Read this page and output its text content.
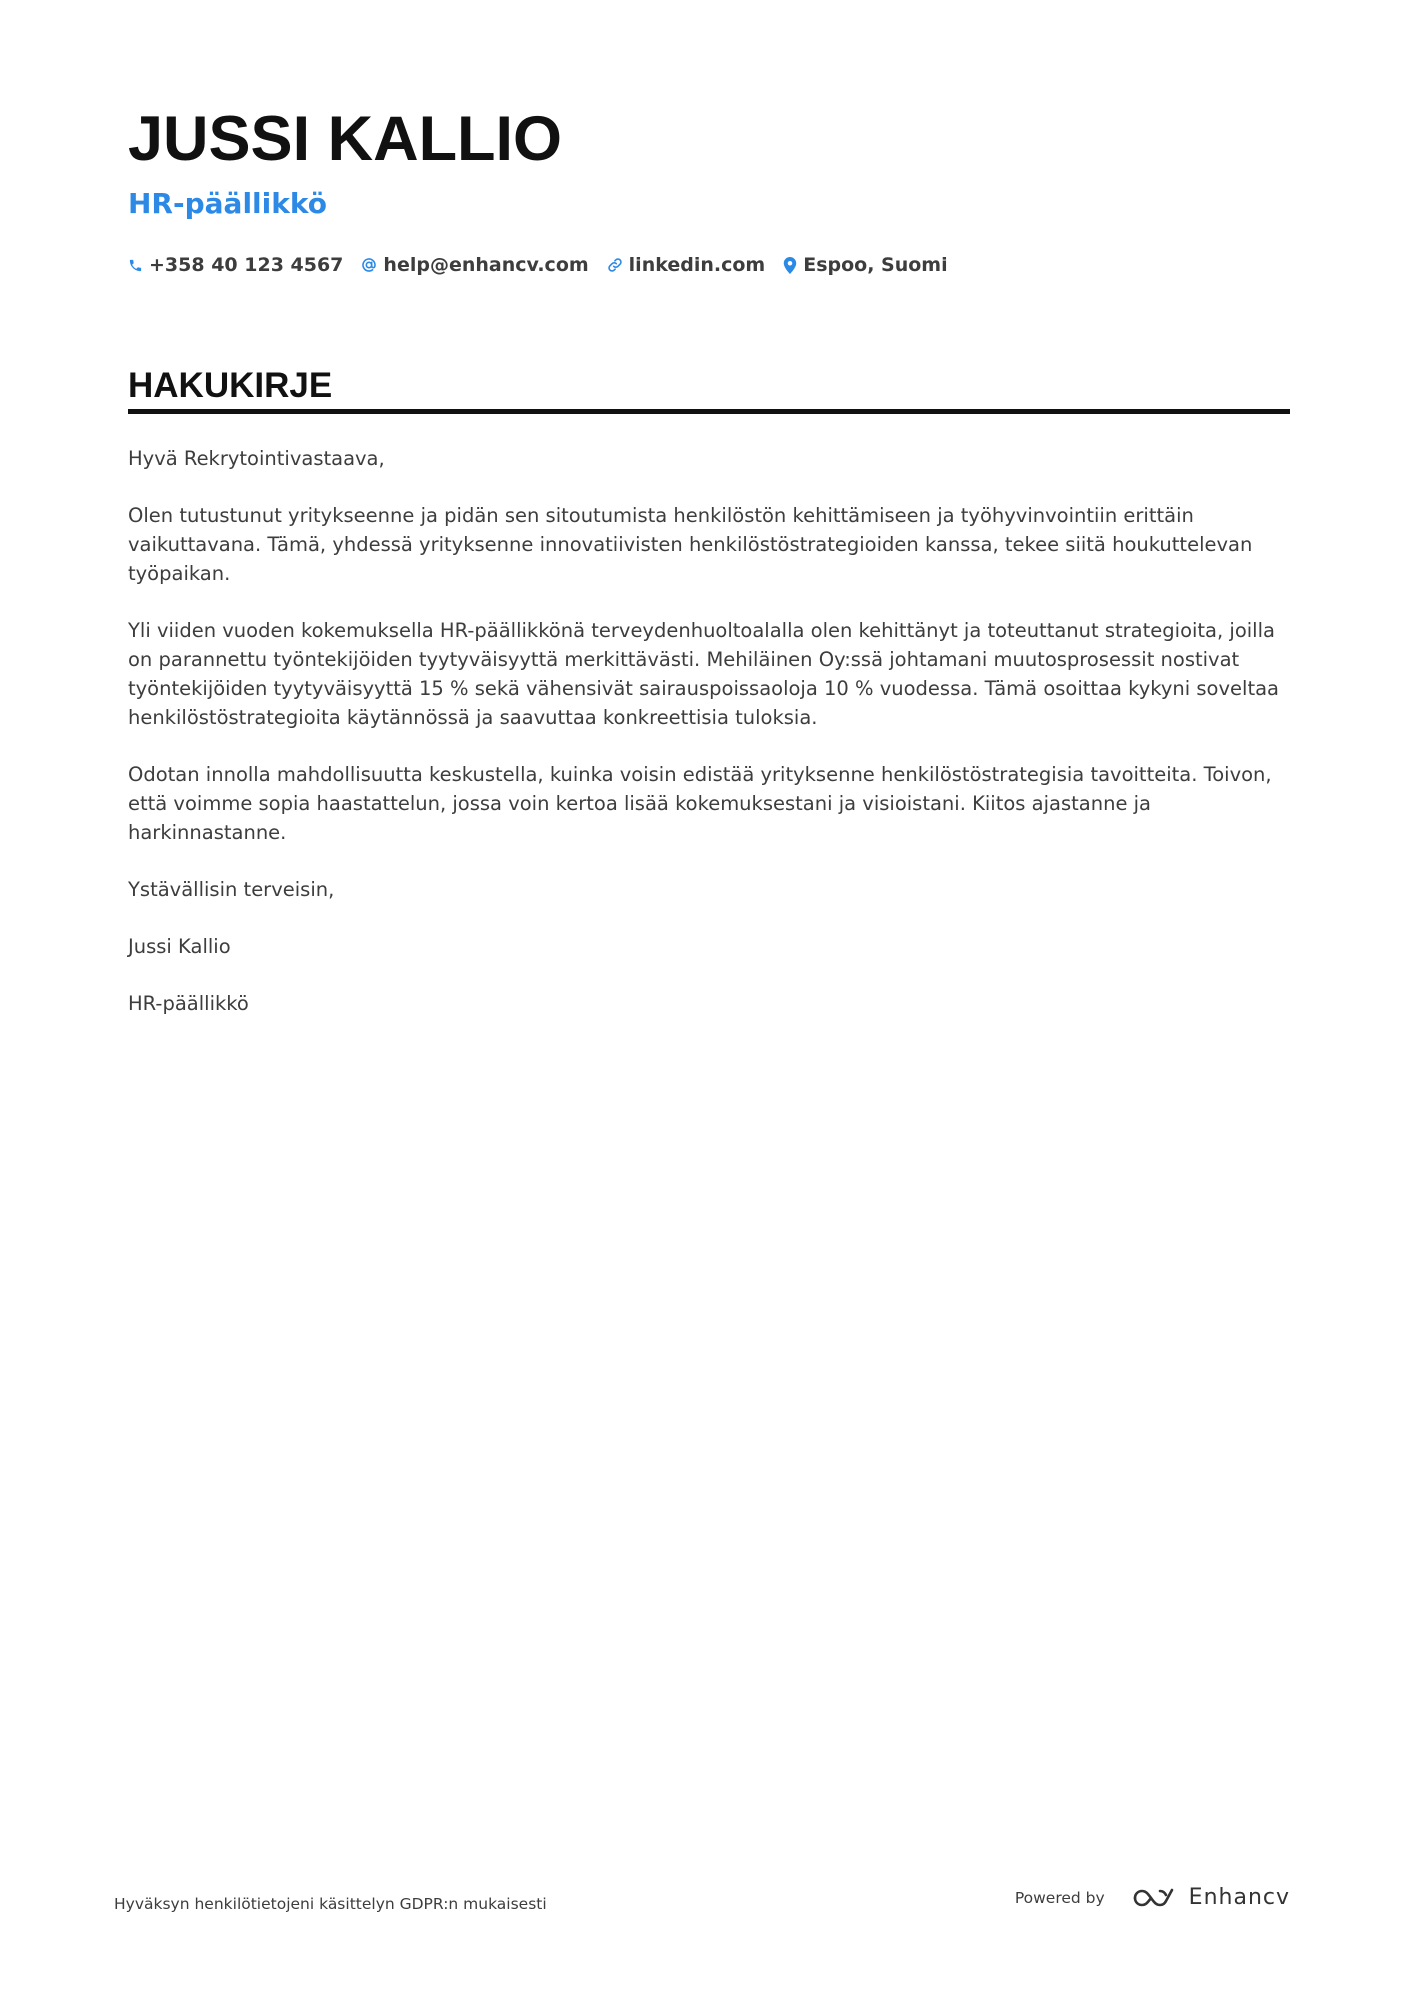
JUSSI KALLIO
HR-päällikkö
+358 40 123 4567 help@enhancv.com linkedin.com Espoo, Suomi
HAKUKIRJE

Hyvä Rekrytointivastaava,

Olen tutustunut yritykseenne ja pidän sen sitoutumista henkilöstön kehittämiseen ja työhyvinvointiin erittäin vaikuttavana. Tämä, yhdessä yrityksenne innovatiivisten henkilöstöstrategioiden kanssa, tekee siitä houkuttelevan työpaikan.

Yli viiden vuoden kokemuksella HR-päällikkönä terveydenhuoltoalalla olen kehittänyt ja toteuttanut strategioita, joilla on parannettu työntekijöiden tyytyväisyyttä merkittävästi. Mehiläinen Oy:ssä johtamani muutosprosessit nostivat työntekijöiden tyytyväisyyttä 15 % sekä vähensivät sairauspoissaoloja 10 % vuodessa. Tämä osoittaa kykyni soveltaa henkilöstöstrategioita käytännössä ja saavuttaa konkreettisia tuloksia.

Odotan innolla mahdollisuutta keskustella, kuinka voisin edistää yrityksenne henkilöstöstrategisia tavoitteita. Toivon, että voimme sopia haastattelun, jossa voin kertoa lisää kokemuksestani ja visioistani. Kiitos ajastanne ja harkinnastanne.

Ystävällisin terveisin,

Jussi Kallio

HR-päällikkö

Hyväksyn henkilötietojeni käsittelyn GDPR:n mukaisesti	Powered by	Enhancv
